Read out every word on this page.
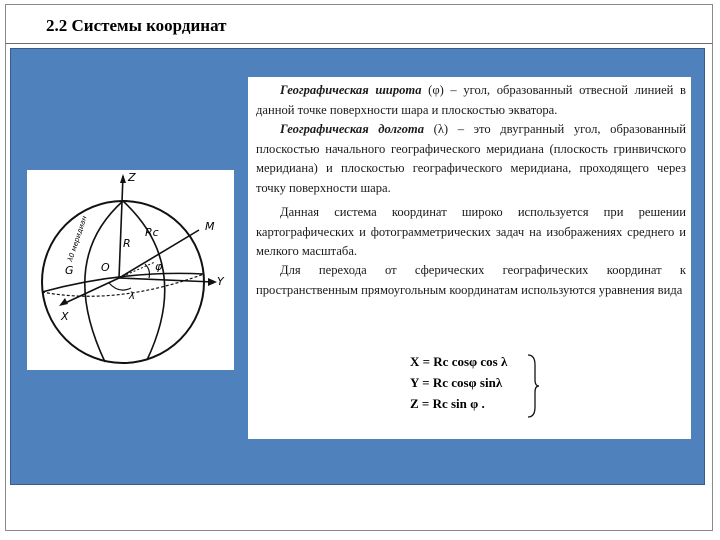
2.2 Системы координат
Z
Y
X
M
G O
R
Rc
φ
λ
λ0 меридиан
Географическая широта (φ) – угол, образованный отвесной линией в данной точке поверхности шара и плоскостью экватора.
Географическая долгота (λ) – это двугранный угол, образованный плоскостью начального географического меридиана (плоскость гринвичского меридиана) и плоскостью географического меридиана, проходящего через точку поверхности шара.
Данная система координат широко используется при решении картографических и фотограмметрических задач на изображениях среднего и мелкого масштаба.
Для перехода от сферических географических координат к пространственным прямоугольным координатам используются уравнения вида
X = Rc cosφ cos λ
Y = Rc cosφ sinλ
Z = Rc sin φ .
